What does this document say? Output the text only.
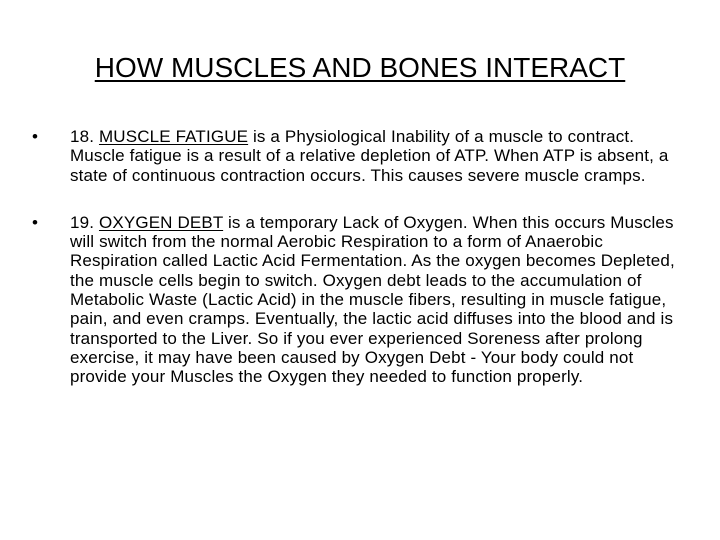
HOW MUSCLES AND BONES INTERACT
•	18. MUSCLE FATIGUE is a Physiological Inability of a muscle to contract. Muscle fatigue is a result of a relative depletion of ATP. When ATP is absent, a state of continuous contraction occurs. This causes severe muscle cramps.
•	19. OXYGEN DEBT is a temporary Lack of Oxygen. When this occurs Muscles will switch from the normal Aerobic Respiration to a form of Anaerobic Respiration called Lactic Acid Fermentation. As the oxygen becomes Depleted, the muscle cells begin to switch. Oxygen debt leads to the accumulation of Metabolic Waste (Lactic Acid) in the muscle fibers, resulting in muscle fatigue, pain, and even cramps. Eventually, the lactic acid diffuses into the blood and is transported to the Liver. So if you ever experienced Soreness after prolong exercise, it may have been caused by Oxygen Debt - Your body could not provide your Muscles the Oxygen they needed to function properly.
